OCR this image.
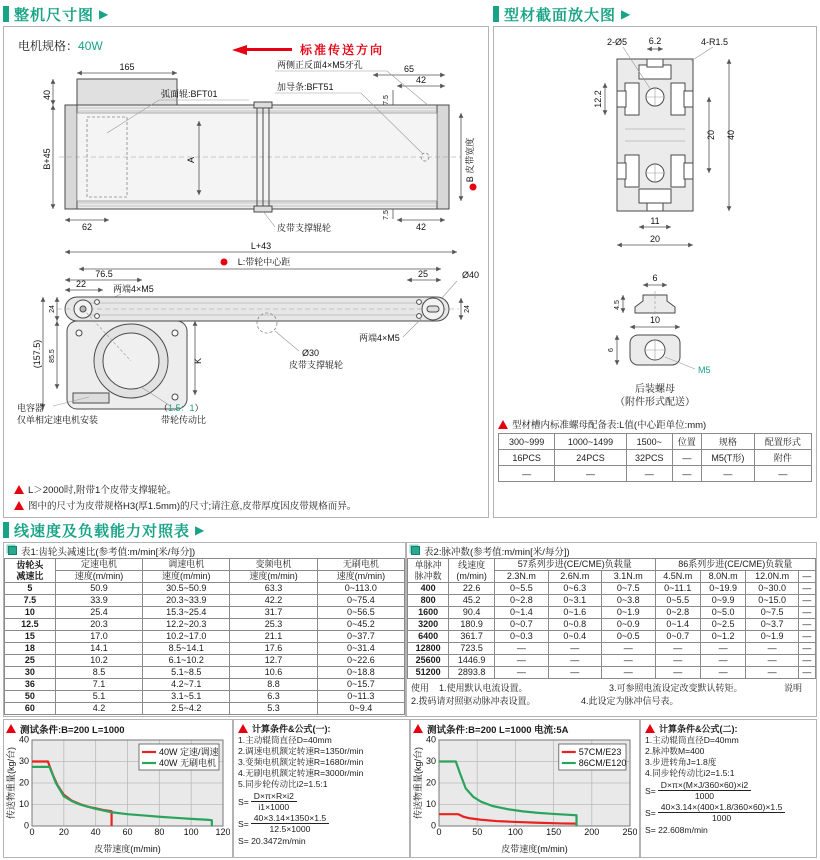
整机尺寸图 ▶
电机规格：40W	标准传送方向
165
40
B+45
62
65
42
7.5
42
7.5
A	B 皮带宽度
弧面辊:BFT01
两侧正反面4×M5牙孔
加导条:BFT51
皮带支撑辊轮
L+43
L:带轮中心距
76.5
22	两端4×M5
24
(157.5) 85.5	K
25	Ø40
24
两端4×M5
Ø30
皮带支撑辊轮
电容器
仅单相定速电机安装
（1.5：1）
带轮传动比
L＞2000时,附带1个皮带支撑辊轮。
图中的尺寸为皮带规格H3(厚1.5mm)的尺寸;请注意,皮带厚度因皮带规格而异。
型材截面放大图 ▶
2-Ø5 6.2	4-R1.5
12.2
20 40
11
20
6
4.5
10
6
M5
后装螺母
（附件形式配送）
型材槽内标准螺母配备表:L值(中心距单位:mm)
300~999	1000~1499	1500~	位置	规格	配置形式
16PCS	24PCS	32PCS	—	M5(T形)	附件
—	—	—	—	—	—
线速度及负载能力对照表 ▶
表1:齿轮头减速比(参考值:m/min[米/每分])
齿轮头
减速比	定速电机	调速电机	变频电机	无刷电机
	速度(m/min)	速度(m/min)	速度(m/min)	速度(m/min)
5	50.9	30.5~50.9	63.3	0~113.0
7.5	33.9	20.3~33.9	42.2	0~75.4
10	25.4	15.3~25.4	31.7	0~56.5
12.5	20.3	12.2~20.3	25.3	0~45.2
15	17.0	10.2~17.0	21.1	0~37.7
18	14.1	8.5~14.1	17.6	0~31.4
25	10.2	6.1~10.2	12.7	0~22.6
30	8.5	5.1~8.5	10.6	0~18.8
36	7.1	4.2~7.1	8.8	0~15.7
50	5.1	3.1~5.1	6.3	0~11.3
60	4.2	2.5~4.2	5.3	0~9.4
表2:脉冲数(参考值:m/min[米/每分])
单脉冲
脉冲数	线速度
(m/min)	57系列步进(CE/CME)负载量			86系列步进(CE/CME)负载量			
		2.3N.m	2.6N.m	3.1N.m	4.5N.m	8.0N.m	12.0N.m	—
400	22.6	0~5.5	0~6.3	0~7.5	0~11.1	0~19.9	0~30.0	—
800	45.2	0~2.8	0~3.1	0~3.8	0~5.5	0~9.9	0~15.0	—
1600	90.4	0~1.4	0~1.6	0~1.9	0~2.8	0~5.0	0~7.5	—
3200	180.9	0~0.7	0~0.8	0~0.9	0~1.4	0~2.5	0~3.7	—
6400	361.7	0~0.3	0~0.4	0~0.5	0~0.7	0~1.2	0~1.9	—
12800	723.5	—	—	—	—	—	—	—
25600	1446.9	—	—	—	—	—	—	—
51200	2893.8	—	—	—	—	—	—	—
使用	1.使用默认电流设置。	3.可参照电流设定改变默认转矩。	说明
2.拨码请对照驱动脉冲表设置。	4.此设定为脉冲信号表。
测试条件:B=200 L=1000
0	20 40 60 80 100 120
0
10
20
30
40
40W 定速/调速
40W 无刷电机
皮带速度(m/min)
传送物重量(kg/台)
计算条件&公式(一):
1.主动辊筒直径D=40mm
2.调速电机额定转速R=1350r/min
3.变频电机额定转速R=1680r/min
4.无刷电机额定转速R=3000r/min
5.同步轮传动比i2=1.5:1
$S= \frac{D\times\pi\times R\times i2}{i1\times 1000}$
$S= \frac{40\times 3.14\times 1350\times 1.5}{12.5\times 1000}$
S= 20.3472m/min
测试条件:B=200 L=1000 电流:5A
0	50	100	150	200	250
0
10
20
30
40
57CM/E23
86CM/E120
皮带速度(m/min)
传送物重量(kg/台)
计算条件&公式(二):
1.主动辊筒直径D=40mm
2.脉冲数M=400
3.步进转角J=1.8度
4.同步轮传动比i2=1.5:1
$S= \frac{D\times\pi\times(M\times J/360\times 60)\times i2}{1000}$
$S= \frac{40\times 3.14\times(400\times 1.8/360\times 60)\times 1.5}{1000}$
S= 22.608m/min
